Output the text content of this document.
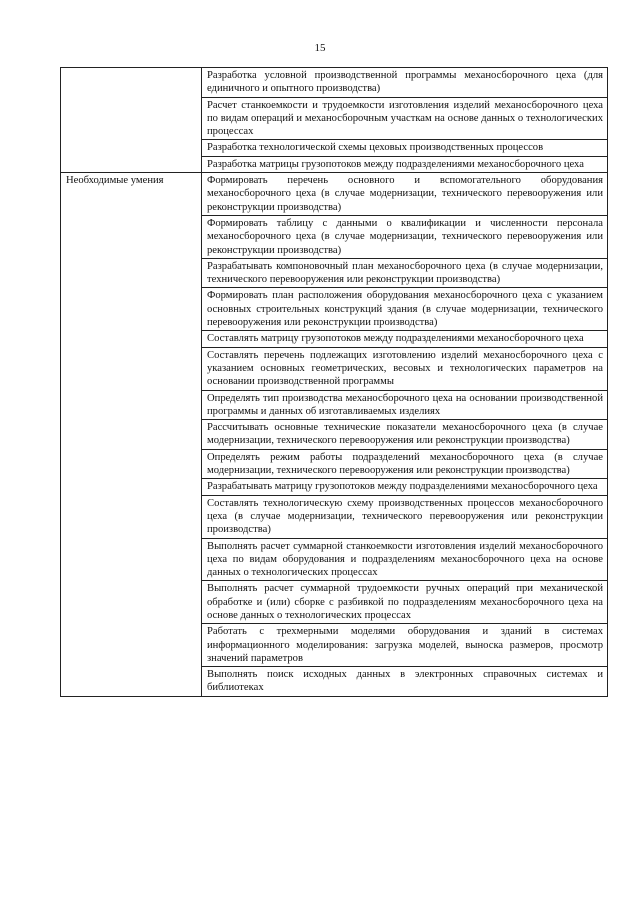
15
	Разработка условной производственной программы механосборочного цеха (для единичного и опытного производства)
	Расчет станкоемкости и трудоемкости изготовления изделий механосборочного цеха по видам операций и механосборочным участкам на основе данных о технологических процессах
	Разработка технологической схемы цеховых производственных процессов
	Разработка матрицы грузопотоков между подразделениями механосборочного цеха
Необходимые умения	Формировать перечень основного и вспомогательного оборудования механосборочного цеха (в случае модернизации, технического перевооружения или реконструкции производства)
	Формировать таблицу с данными о квалификации и численности персонала механосборочного цеха (в случае модернизации, технического перевооружения или реконструкции производства)
	Разрабатывать компоновочный план механосборочного цеха (в случае модернизации, технического перевооружения или реконструкции производства)
	Формировать план расположения оборудования механосборочного цеха с указанием основных строительных конструкций здания (в случае модернизации, технического перевооружения или реконструкции производства)
	Составлять матрицу грузопотоков между подразделениями механосборочного цеха
	Составлять перечень подлежащих изготовлению изделий механосборочного цеха с указанием основных геометрических, весовых и технологических параметров на основании производственной программы
	Определять тип производства механосборочного цеха на основании производственной программы и данных об изготавливаемых изделиях
	Рассчитывать основные технические показатели механосборочного цеха (в случае модернизации, технического перевооружения или реконструкции производства)
	Определять режим работы подразделений механосборочного цеха (в случае модернизации, технического перевооружения или реконструкции производства)
	Разрабатывать матрицу грузопотоков между подразделениями механосборочного цеха
	Составлять технологическую схему производственных процессов механосборочного цеха (в случае модернизации, технического перевооружения или реконструкции производства)
	Выполнять расчет суммарной станкоемкости изготовления изделий механосборочного цеха по видам оборудования и подразделениям механосборочного цеха на основе данных о технологических процессах
	Выполнять расчет суммарной трудоемкости ручных операций при механической обработке и (или) сборке с разбивкой по подразделениям механосборочного цеха на основе данных о технологических процессах
	Работать с трехмерными моделями оборудования и зданий в системах информационного моделирования: загрузка моделей, выноска размеров, просмотр значений параметров
	Выполнять поиск исходных данных в электронных справочных системах и библиотеках
